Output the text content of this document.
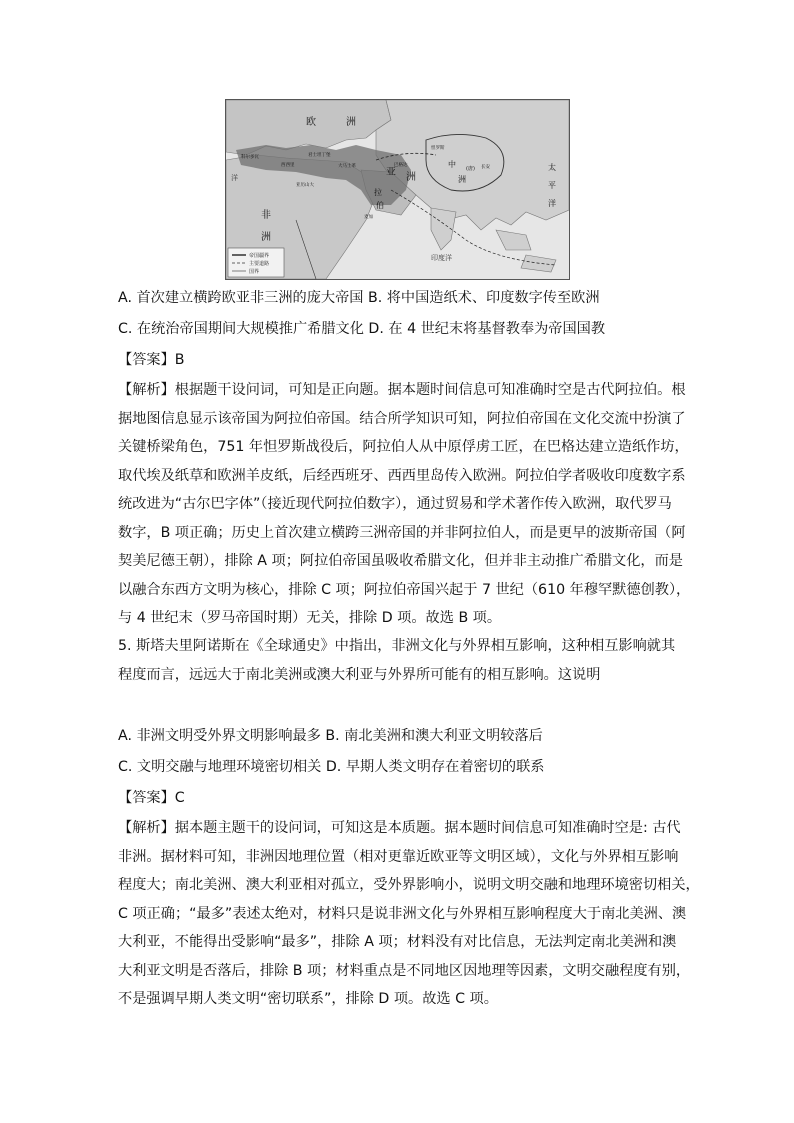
帝国疆界
主要道路
国界
欧	洲
亚 洲
非
洲
中 (唐)
洲
拉
伯
太
平
洋
印度洋
洋
长安
巴格达
大马士革
科尔多瓦	君士坦丁堡
亚历山大
麦加
怛罗斯
西西里
A. 首次建立横跨欧亚非三洲的庞大帝国 B. 将中国造纸术、印度数字传至欧洲
C. 在统治帝国期间大规模推广希腊文化 D. 在 4 世纪末将基督教奉为帝国国教
【答案】B
【解析】根据题干设问词，可知是正向题。据本题时间信息可知准确时空是古代阿拉伯。根
据地图信息显示该帝国为阿拉伯帝国。结合所学知识可知，阿拉伯帝国在文化交流中扮演了
关键桥梁角色，751 年怛罗斯战役后，阿拉伯人从中原俘虏工匠，在巴格达建立造纸作坊，
取代埃及纸草和欧洲羊皮纸，后经西班牙、西西里岛传入欧洲。阿拉伯学者吸收印度数字系
统改进为“古尔巴字体”（接近现代阿拉伯数字），通过贸易和学术著作传入欧洲，取代罗马
数字，B 项正确；历史上首次建立横跨三洲帝国的并非阿拉伯人，而是更早的波斯帝国（阿
契美尼德王朝），排除 A 项；阿拉伯帝国虽吸收希腊文化，但并非主动推广希腊文化，而是
以融合东西方文明为核心，排除 C 项；阿拉伯帝国兴起于 7 世纪（610 年穆罕默德创教），
与 4 世纪末（罗马帝国时期）无关，排除 D 项。故选 B 项。
5. 斯塔夫里阿诺斯在《全球通史》中指出，非洲文化与外界相互影响，这种相互影响就其
程度而言，远远大于南北美洲或澳大利亚与外界所可能有的相互影响。这说明
A. 非洲文明受外界文明影响最多 B. 南北美洲和澳大利亚文明较落后
C. 文明交融与地理环境密切相关 D. 早期人类文明存在着密切的联系
【答案】C
【解析】据本题主题干的设问词，可知这是本质题。据本题时间信息可知准确时空是: 古代
非洲。据材料可知，非洲因地理位置（相对更靠近欧亚等文明区域），文化与外界相互影响
程度大；南北美洲、澳大利亚相对孤立，受外界影响小，说明文明交融和地理环境密切相关，
C 项正确；“最多”表述太绝对，材料只是说非洲文化与外界相互影响程度大于南北美洲、澳
大利亚，不能得出受影响“最多”，排除 A 项；材料没有对比信息，无法判定南北美洲和澳
大利亚文明是否落后，排除 B 项；材料重点是不同地区因地理等因素，文明交融程度有别，
不是强调早期人类文明“密切联系”，排除 D 项。故选 C 项。
